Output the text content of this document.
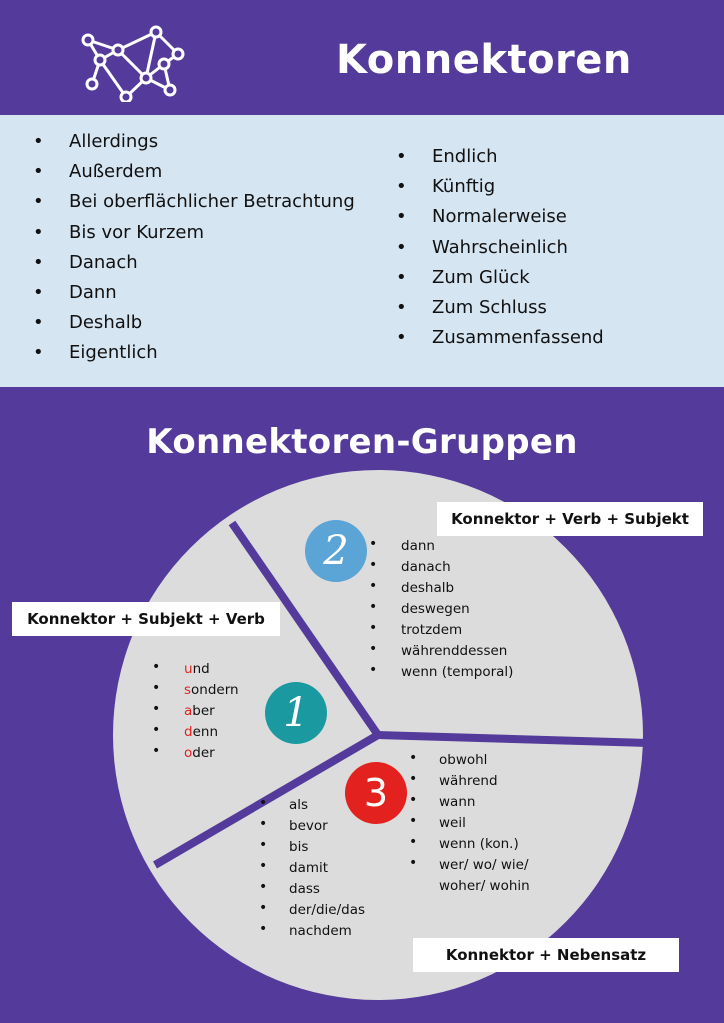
Konnektoren
• Allerdings
• Außerdem
• Bei oberflächlicher Betrachtung
• Bis vor Kurzem
• Danach
• Dann
• Deshalb
• Eigentlich
• Endlich
• Künftig
• Normalerweise
• Wahrscheinlich
• Zum Glück
• Zum Schluss
• Zusammenfassend
Konnektoren-Gruppen
Konnektor + Subjekt + Verb
Konnektor + Verb + Subjekt
Konnektor + Nebensatz
1
2
3
• und
• sondern
• aber
• denn
• oder
• dann
• danach
• deshalb
• deswegen
• trotzdem
• währenddessen
• wenn (temporal)
• obwohl
• während
• wann
• weil
• wenn (kon.)
• wer/ wo/ wie/
woher/ wohin
• als
• bevor
• bis
• damit
• dass
• der/die/das
• nachdem
